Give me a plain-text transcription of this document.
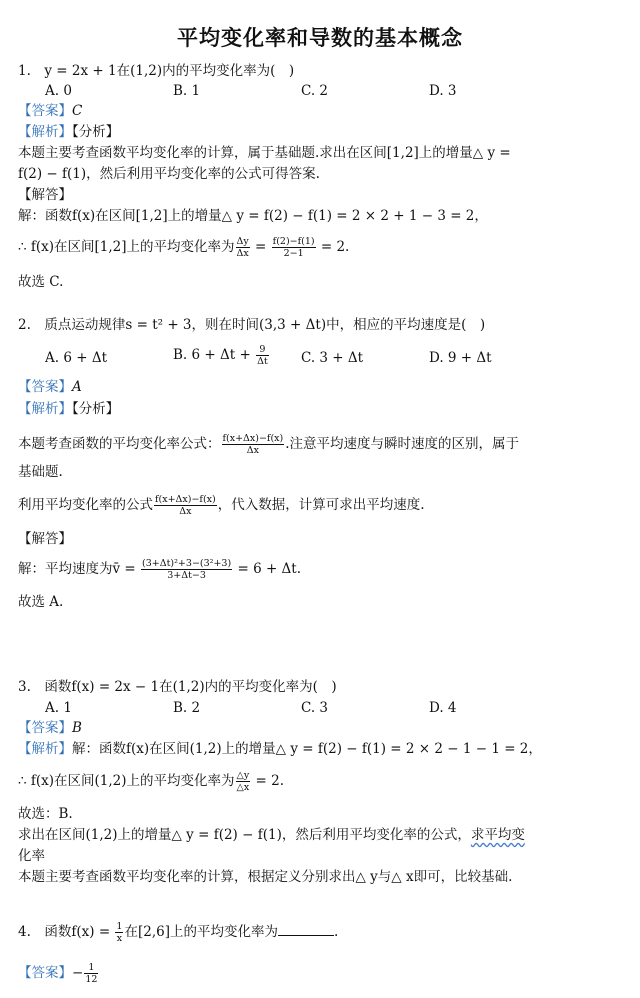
平均变化率和导数的基本概念
1.　y = 2x + 1在(1,2)内的平均变化率为(　)
A. 0	B. 1	C. 2	D. 3
【答案】C
【解析】【分析】
本题主要考查函数平均变化率的计算，属于基础题.求出在区间[1,2]上的增量△ y =
f(2) − f(1)，然后利用平均变化率的公式可得答案.
【解答】
解：函数f(x)在区间[1,2]上的增量△ y = f(2) − f(1) = 2 × 2 + 1 − 3 = 2，
∴ f(x)在区间[1,2]上的平均变化率为 $\frac{\Delta y}{\Delta x} = \frac{f(2)-f(1)}{2-1} = 2$.
故选 C.
2.　质点运动规律s = t² + 3，则在时间(3,3 + Δt)中，相应的平均速度是(　)
A. 6 + Δt	B. $6 + \Delta t + \frac{9}{\Delta t} C$. 3 + Δt	D. 9 + Δt
【答案】A
【解析】【分析】
本题考查函数的平均变化率公式： $\frac{f(x+\Delta x)-f(x)}{\Delta x}$ .注意平均速度与瞬时速度的区别，属于
基础题.
利用平均变化率的公式 $\frac{f(x+\Delta x)-f(x)}{\Delta x}$ ，代入数据，计算可求出平均速度.
【解答】
解：平均速度为v̄ = $\frac{\text{(3+Δt)²+3−(3²+3)}}{3+\Delta t-3} = 6 + \Delta t$.
故选 A.
3.　函数f(x) = 2x − 1在(1,2)内的平均变化率为(　)
A. 1	B. 2	C. 3	D. 4
【答案】B
【解析】解：函数f(x)在区间(1,2)上的增量△ y = f(2) − f(1) = 2 × 2 − 1 − 1 = 2，
∴ f(x)在区间(1,2)上的平均变化率为 $\frac{\triangle y}{\triangle x} = 2$.
故选：B.
求出在区间(1,2)上的增量△ y = f(2) − f(1)，然后利用平均变化率的公式，求平均变
化率
本题主要考查函数平均变化率的计算，根据定义分别求出△ y与△ x即可，比较基础.
4.　函数$f(x) = \frac{1}{x}$ 在[2,6]上的平均变化率为	.
【答案】− $\frac{1}{12}$
